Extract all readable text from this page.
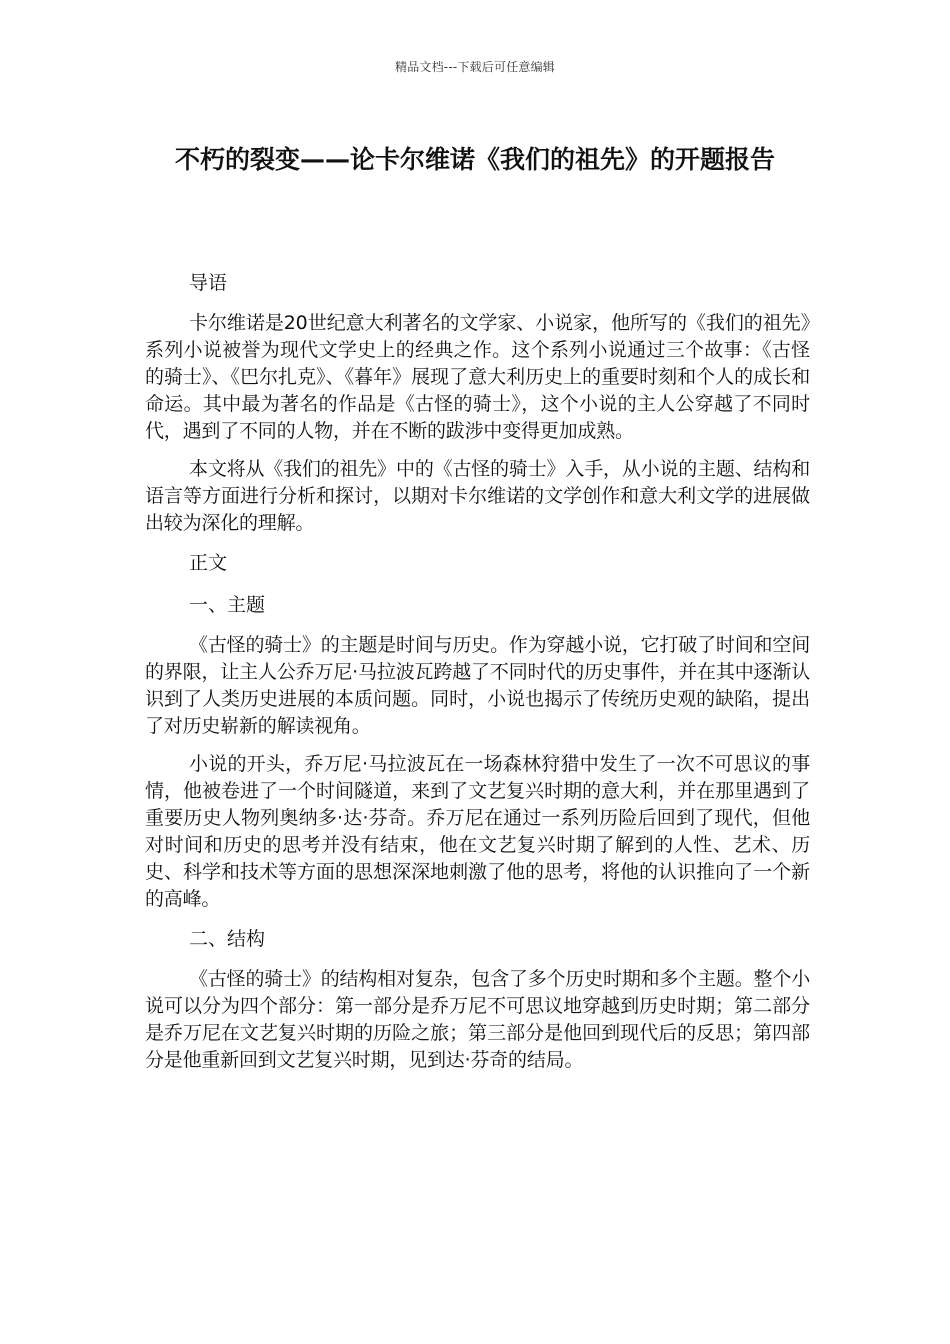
精品文档---下载后可任意编辑
不朽的裂变——论卡尔维诺《我们的祖先》的开题报告

导语

卡尔维诺是20世纪意大利著名的文学家、小说家，他所写的《我们的祖先》系列小说被誉为现代文学史上的经典之作。这个系列小说通过三个故事：《古怪的骑士》、《巴尔扎克》、《暮年》展现了意大利历史上的重要时刻和个人的成长和命运。其中最为著名的作品是《古怪的骑士》，这个小说的主人公穿越了不同时代，遇到了不同的人物，并在不断的跋涉中变得更加成熟。

本文将从《我们的祖先》中的《古怪的骑士》入手，从小说的主题、结构和语言等方面进行分析和探讨，以期对卡尔维诺的文学创作和意大利文学的进展做出较为深化的理解。

正文

一、主题

《古怪的骑士》的主题是时间与历史。作为穿越小说，它打破了时间和空间的界限，让主人公乔万尼·马拉波瓦跨越了不同时代的历史事件，并在其中逐渐认识到了人类历史进展的本质问题。同时，小说也揭示了传统历史观的缺陷，提出了对历史崭新的解读视角。

小说的开头，乔万尼·马拉波瓦在一场森林狩猎中发生了一次不可思议的事情，他被卷进了一个时间隧道，来到了文艺复兴时期的意大利，并在那里遇到了重要历史人物列奥纳多·达·芬奇。乔万尼在通过一系列历险后回到了现代，但他对时间和历史的思考并没有结束，他在文艺复兴时期了解到的人性、艺术、历史、科学和技术等方面的思想深深地刺激了他的思考，将他的认识推向了一个新的高峰。

二、结构

《古怪的骑士》的结构相对复杂，包含了多个历史时期和多个主题。整个小说可以分为四个部分：第一部分是乔万尼不可思议地穿越到历史时期；第二部分是乔万尼在文艺复兴时期的历险之旅；第三部分是他回到现代后的反思；第四部分是他重新回到文艺复兴时期，见到达·芬奇的结局。
